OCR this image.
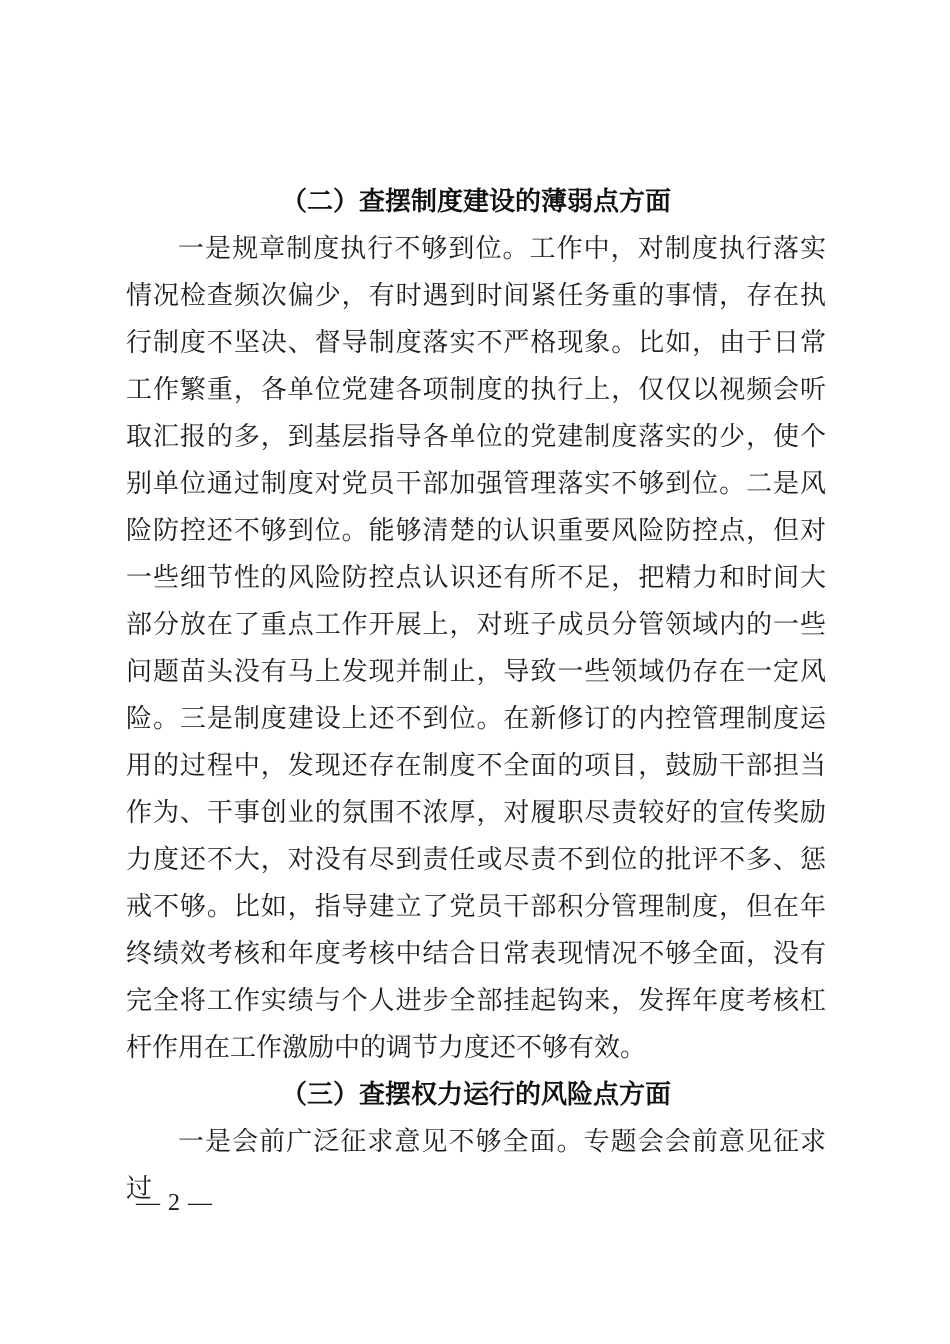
（二）查摆制度建设的薄弱点方面

一是规章制度执行不够到位。工作中，对制度执行落实情况检查频次偏少，有时遇到时间紧任务重的事情，存在执行制度不坚决、督导制度落实不严格现象。比如，由于日常工作繁重，各单位党建各项制度的执行上，仅仅以视频会听取汇报的多，到基层指导各单位的党建制度落实的少，使个别单位通过制度对党员干部加强管理落实不够到位。二是风险防控还不够到位。能够清楚的认识重要风险防控点，但对一些细节性的风险防控点认识还有所不足，把精力和时间大部分放在了重点工作开展上，对班子成员分管领域内的一些问题苗头没有马上发现并制止，导致一些领域仍存在一定风险。三是制度建设上还不到位。在新修订的内控管理制度运用的过程中，发现还存在制度不全面的项目，鼓励干部担当作为、干事创业的氛围不浓厚，对履职尽责较好的宣传奖励力度还不大，对没有尽到责任或尽责不到位的批评不多、惩戒不够。比如，指导建立了党员干部积分管理制度，但在年终绩效考核和年度考核中结合日常表现情况不够全面，没有完全将工作实绩与个人进步全部挂起钩来，发挥年度考核杠杆作用在工作激励中的调节力度还不够有效。

（三）查摆权力运行的风险点方面

一是会前广泛征求意见不够全面。专题会会前意见征求过

— 2 —
